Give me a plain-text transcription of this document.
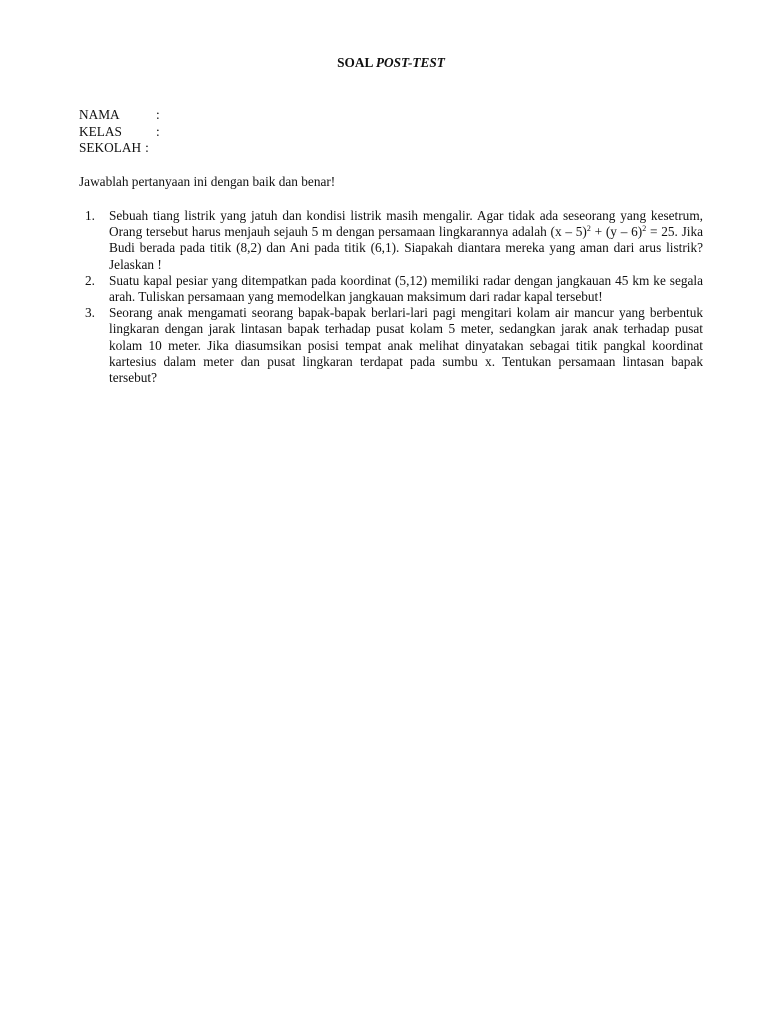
SOAL POST-TEST
NAMA	:
KELAS	:
SEKOLAH :
Jawablah pertanyaan ini dengan baik dan benar!
1.	Sebuah tiang listrik yang jatuh dan kondisi listrik masih mengalir. Agar tidak ada seseorang yang kesetrum, Orang tersebut harus menjauh sejauh 5 m dengan persamaan lingkarannya adalah (x – 5)$^2$ + (y – 6)$^2$ = 25. Jika Budi berada pada titik (8,2) dan Ani pada titik (6,1). Siapakah diantara mereka yang aman dari arus listrik? Jelaskan !
2.	Suatu kapal pesiar yang ditempatkan pada koordinat (5,12) memiliki radar dengan jangkauan 45 km ke segala arah. Tuliskan persamaan yang memodelkan jangkauan maksimum dari radar kapal tersebut!
3.	Seorang anak mengamati seorang bapak-bapak berlari-lari pagi mengitari kolam air mancur yang berbentuk lingkaran dengan jarak lintasan bapak terhadap pusat kolam 5 meter, sedangkan jarak anak terhadap pusat kolam 10 meter. Jika diasumsikan posisi tempat anak melihat dinyatakan sebagai titik pangkal koordinat kartesius dalam meter dan pusat lingkaran terdapat pada sumbu x. Tentukan persamaan lintasan bapak tersebut?
